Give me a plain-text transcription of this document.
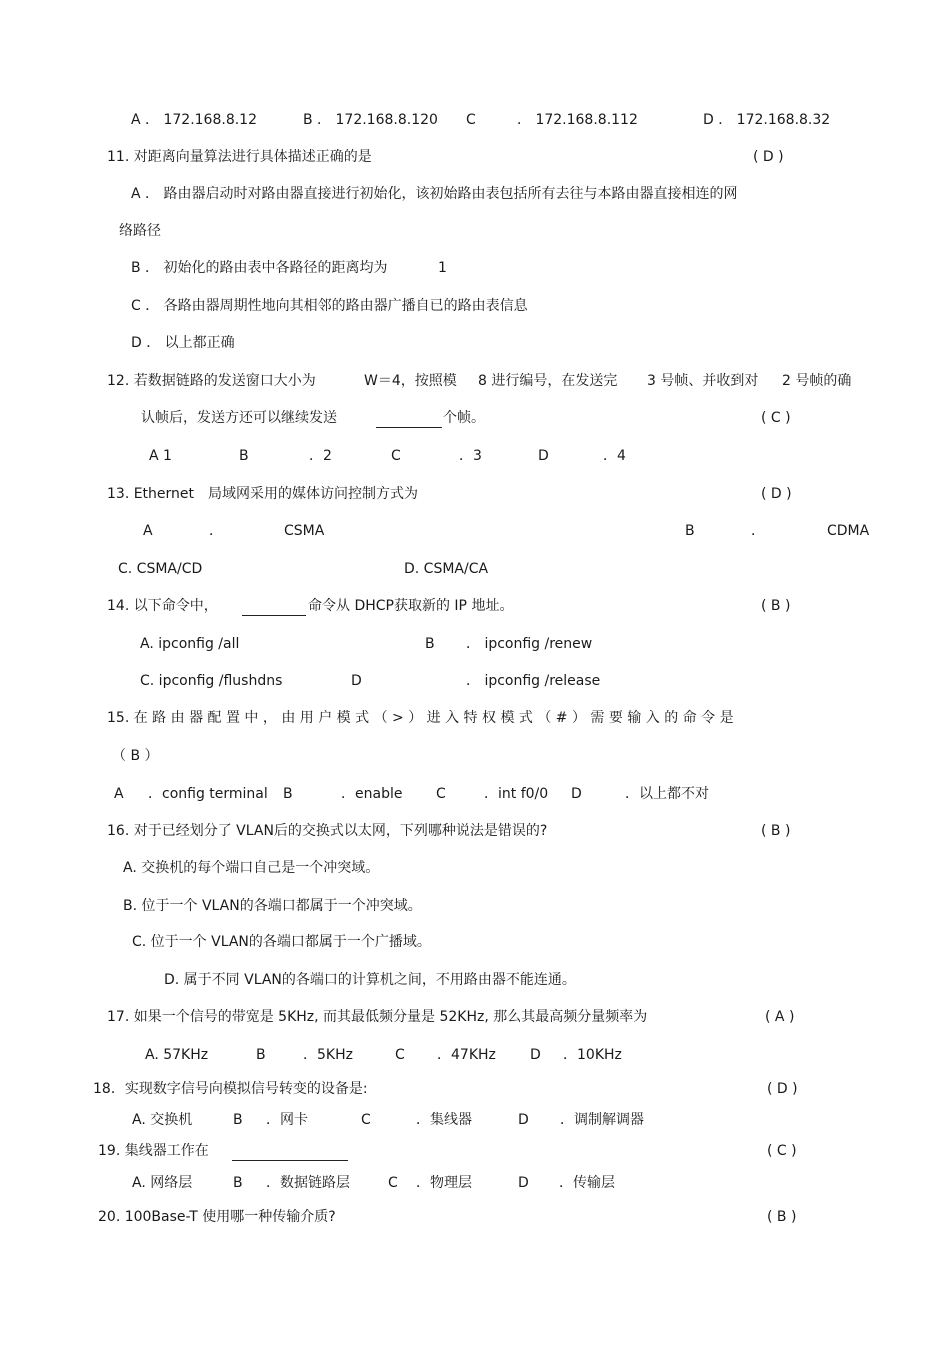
A ． 172.168.8.12	B ． 172.168.8.120 C	． 172.168.8.112	D ． 172.168.8.32
11. 对距离向量算法进行具体描述正确的是	( D )
A ． 路由器启动时对路由器直接进行初始化，该初始路由表包括所有去往与本路由器直接相连的网
络路径
B ． 初始化的路由表中各路径的距离均为	1
C ． 各路由器周期性地向其相邻的路由器广播自已的路由表信息
D ． 以上都正确
12. 若数据链路的发送窗口大小为	W＝4，按照模 8 进行编号，在发送完 3 号帧、并收到对 2 号帧的确
认帧后，发送方还可以继续发送	个帧。	( C )
A 1	B	．2	C	．3	D	．4
13. Ethernet 局域网采用的媒体访问控制方式为	( D )
A	．	CSMA	B	．	CDMA
C. CSMA/CD	D. CSMA/CA
14. 以下命令中，	命令从 DHCP获取新的 IP 地址。	( B )
A. ipconfig /all	B ． ipconfig /renew
C. ipconfig /flushdns	D	． ipconfig /release
15. 在 路 由 器 配 置 中 ， 由 用 户 模 式 （ > ） 进 入 特 权 模 式 （ # ） 需 要 输 入 的 命 令 是
（ B ）
A ．config terminal B	．enable C	．int f0/0 D	．以上都不对
16. 对于已经划分了 VLAN后的交换式以太网，下列哪种说法是错误的?	( B )
A. 交换机的每个端口自己是一个冲突域。
B. 位于一个 VLAN的各端口都属于一个冲突域。
C. 位于一个 VLAN的各端口都属于一个广播域。
D. 属于不同 VLAN的各端口的计算机之间，不用路由器不能连通。
17. 如果一个信号的带宽是 5KHz, 而其最低频分量是 52KHz, 那么其最高频分量频率为	( A )
A. 57KHz	B	．5KHz	C ．47KHz D ．10KHz
18．实现数字信号向模拟信号转变的设备是:	( D )
A. 交换机	B ．网卡	C	．集线器	D ．调制解调器
19. 集线器工作在	( C )
A. 网络层	B ．数据链路层	C ．物理层	D ．传输层
20. 100Base-T 使用哪一种传输介质?	( B )
